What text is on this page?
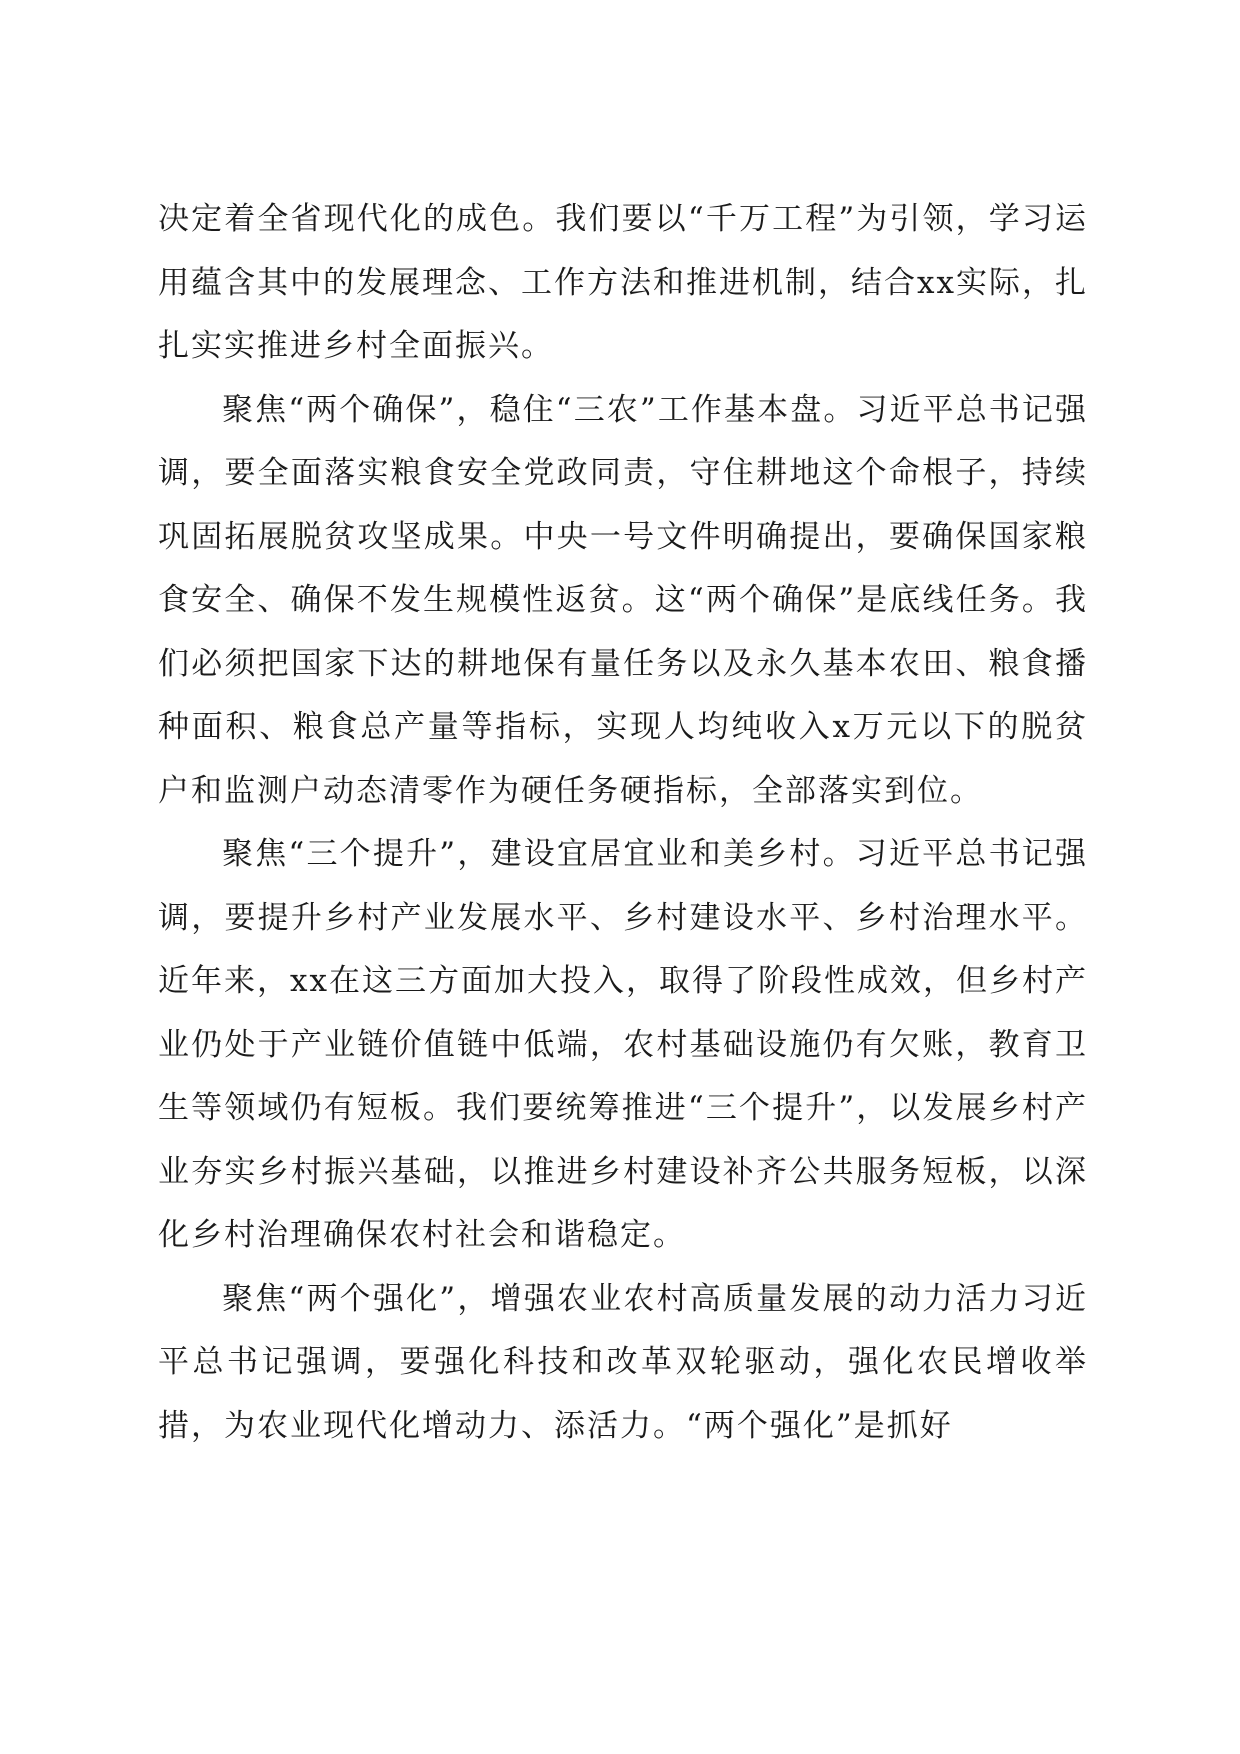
决定着全省现代化的成色。我们要以“千万工程”为引领，学习运用蕴含其中的发展理念、工作方法和推进机制，结合xx实际，扎扎实实推进乡村全面振兴。

聚焦“两个确保”，稳住“三农”工作基本盘。习近平总书记强调，要全面落实粮食安全党政同责，守住耕地这个命根子，持续巩固拓展脱贫攻坚成果。中央一号文件明确提出，要确保国家粮食安全、确保不发生规模性返贫。这“两个确保”是底线任务。我们必须把国家下达的耕地保有量任务以及永久基本农田、粮食播种面积、粮食总产量等指标，实现人均纯收入x万元以下的脱贫户和监测户动态清零作为硬任务硬指标，全部落实到位。

聚焦“三个提升”，建设宜居宜业和美乡村。习近平总书记强调，要提升乡村产业发展水平、乡村建设水平、乡村治理水平。近年来，xx在这三方面加大投入，取得了阶段性成效，但乡村产业仍处于产业链价值链中低端，农村基础设施仍有欠账，教育卫生等领域仍有短板。我们要统筹推进“三个提升”，以发展乡村产业夯实乡村振兴基础，以推进乡村建设补齐公共服务短板，以深化乡村治理确保农村社会和谐稳定。

聚焦“两个强化”，增强农业农村高质量发展的动力活力习近平总书记强调，要强化科技和改革双轮驱动，强化农民增收举措，为农业现代化增动力、添活力。“两个强化”是抓好
